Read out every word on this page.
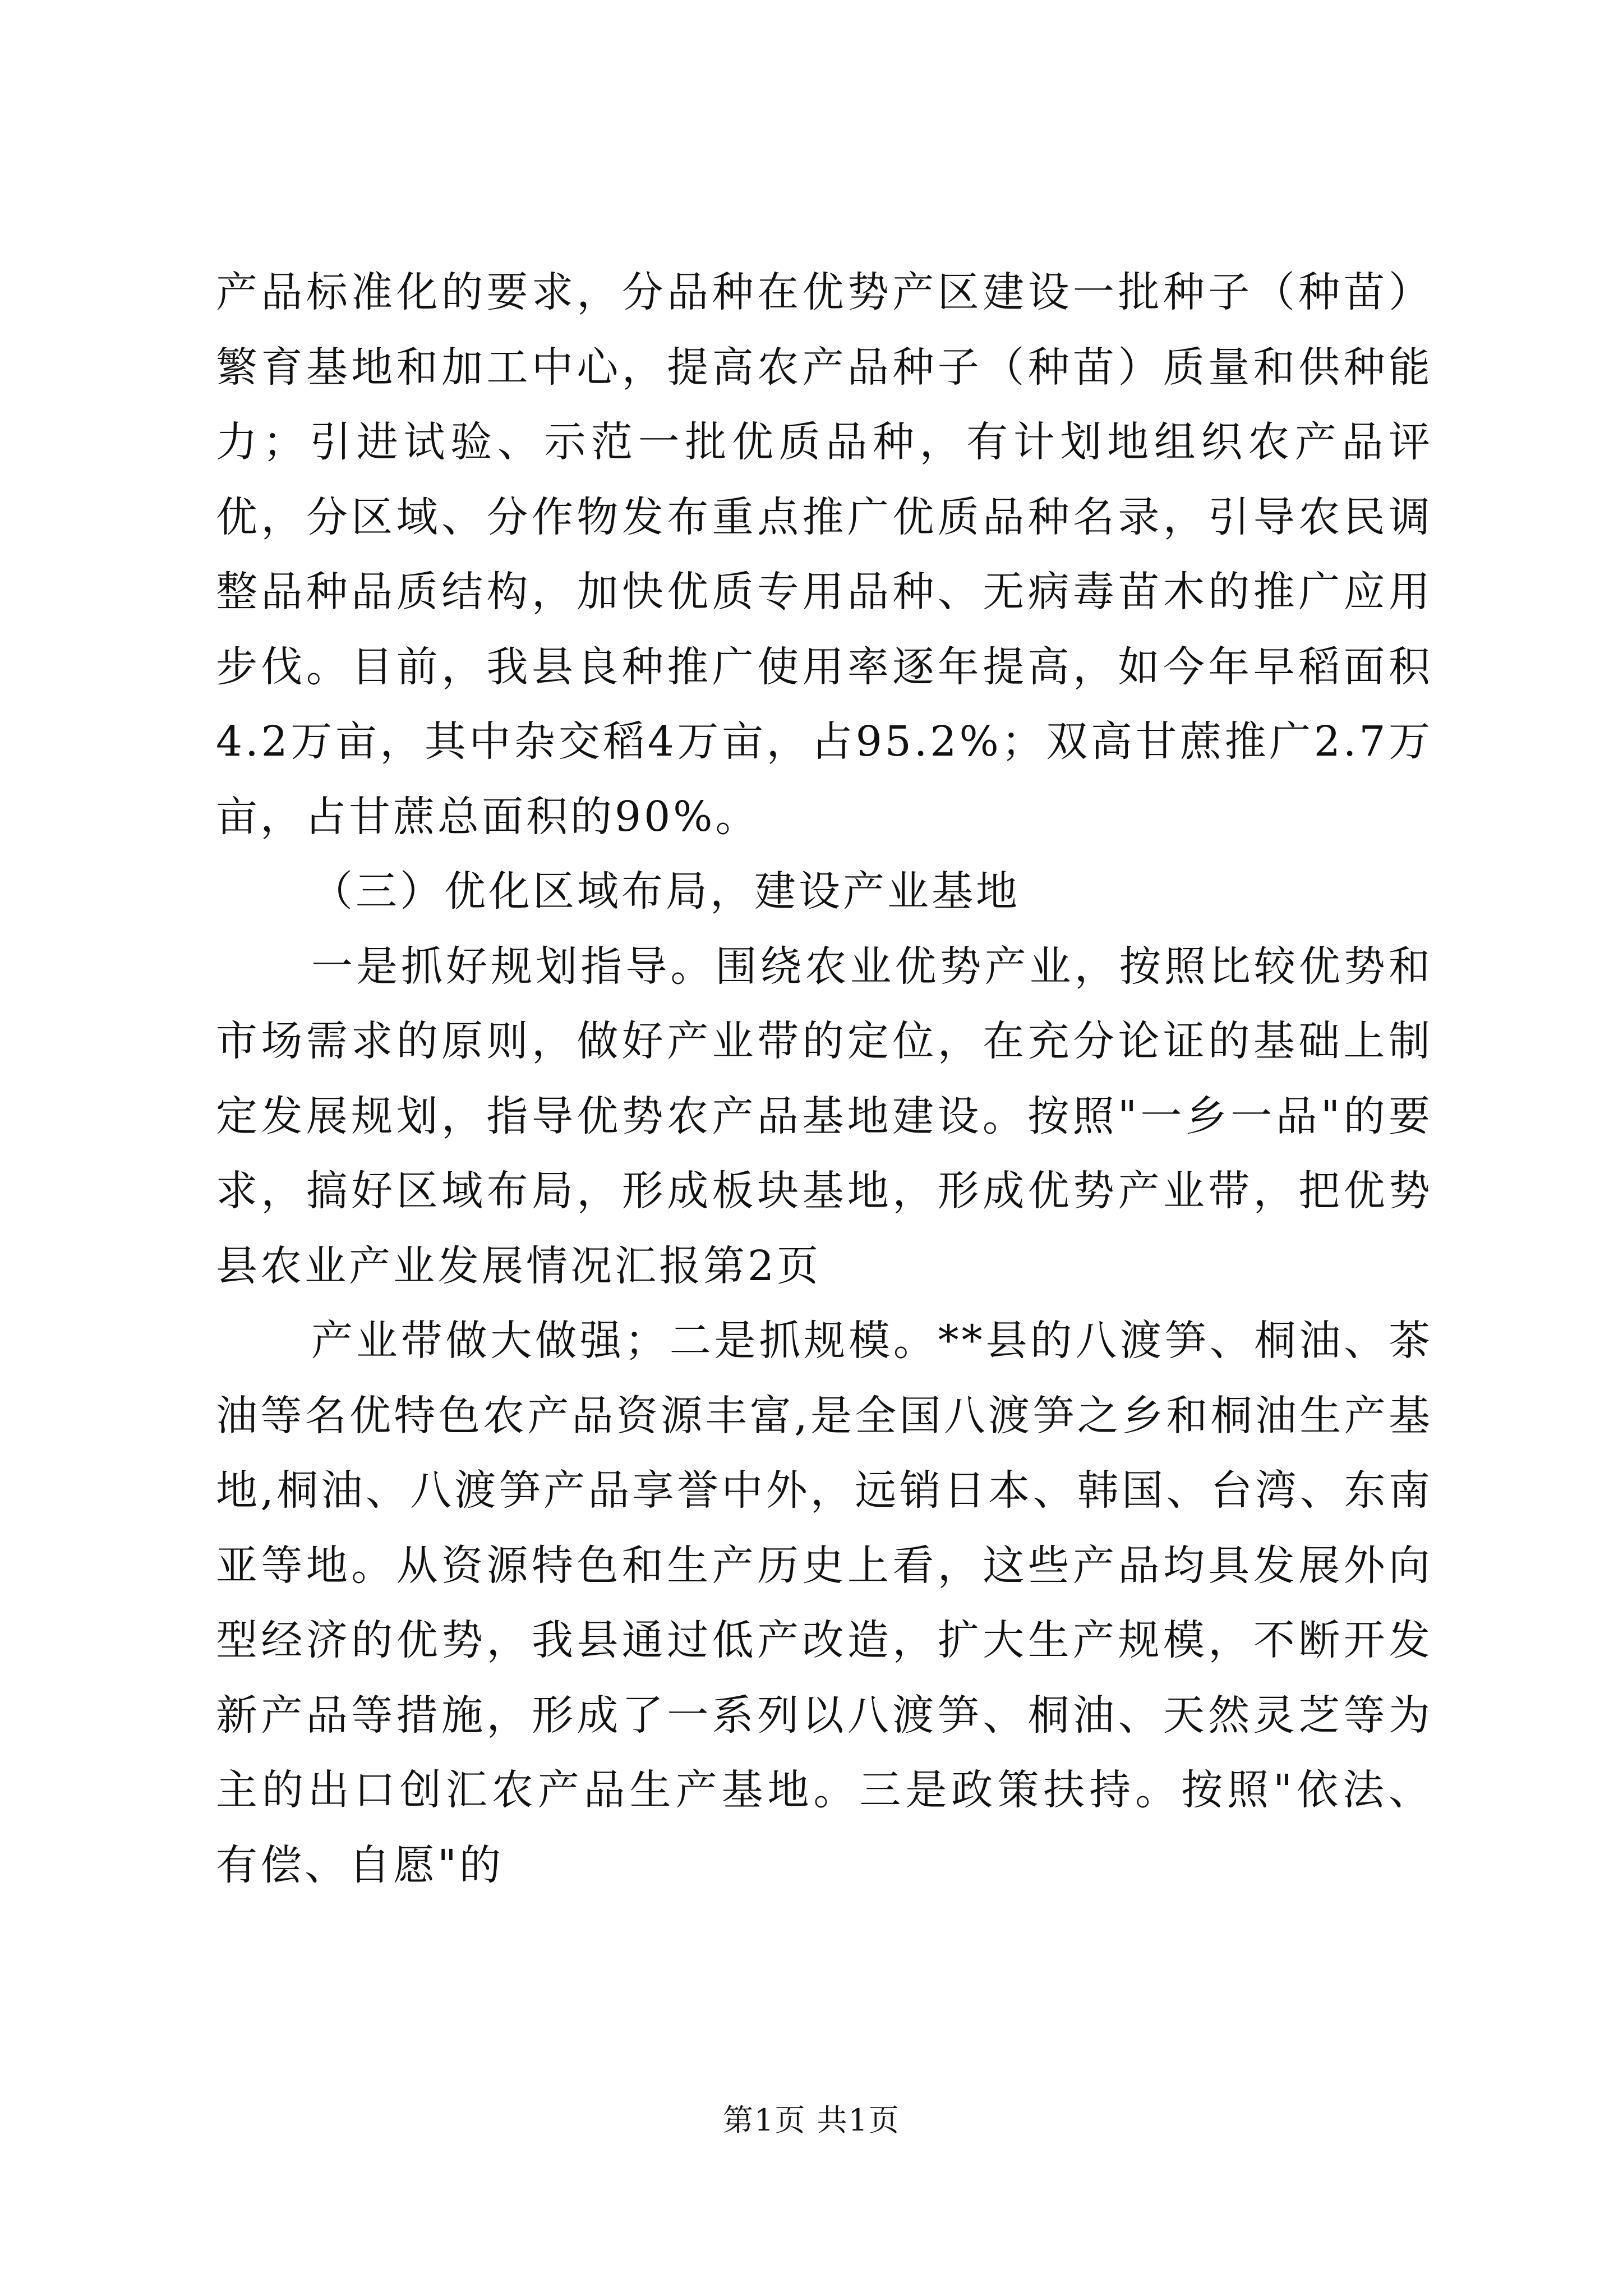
产品标准化的要求，分品种在优势产区建设一批种子（种苗）繁育基地和加工中心，提高农产品种子（种苗）质量和供种能力；引进试验、示范一批优质品种，有计划地组织农产品评优，分区域、分作物发布重点推广优质品种名录，引导农民调整品种品质结构，加快优质专用品种、无病毒苗木的推广应用步伐。目前，我县良种推广使用率逐年提高，如今年早稻面积4.2万亩，其中杂交稻4万亩，占95.2%；双高甘蔗推广2.7万亩，占甘蔗总面积的90%。

（三）优化区域布局，建设产业基地

一是抓好规划指导。围绕农业优势产业，按照比较优势和市场需求的原则，做好产业带的定位，在充分论证的基础上制定发展规划，指导优势农产品基地建设。按照"一乡一品"的要求，搞好区域布局，形成板块基地，形成优势产业带，把优势县农业产业发展情况汇报第2页

产业带做大做强；二是抓规模。**县的八渡笋、桐油、茶油等名优特色农产品资源丰富,是全国八渡笋之乡和桐油生产基地,桐油、八渡笋产品享誉中外，远销日本、韩国、台湾、东南亚等地。从资源特色和生产历史上看，这些产品均具发展外向型经济的优势，我县通过低产改造，扩大生产规模，不断开发新产品等措施，形成了一系列以八渡笋、桐油、天然灵芝等为主的出口创汇农产品生产基地。三是政策扶持。按照"依法、有偿、自愿"的

第1页 共1页
